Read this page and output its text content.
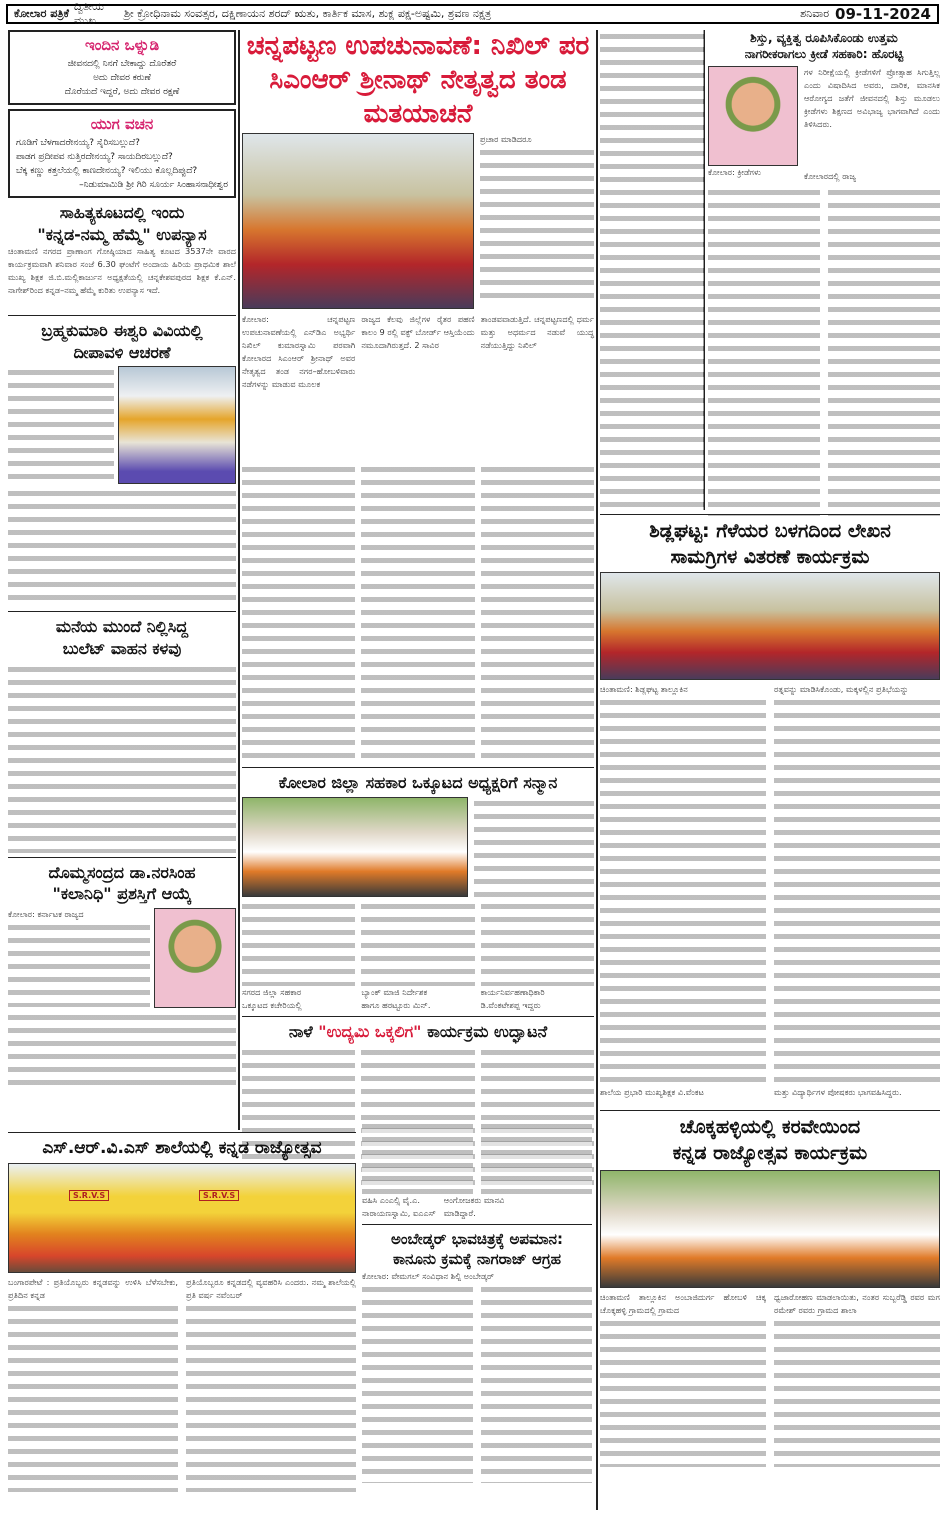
ಕೋಲಾರ ಪತ್ರಿಕೆ
ದ್ವಿತೀಯ ಮುಖ
ಶ್ರೀ ಕ್ರೋಧಿನಾಮ ಸಂವತ್ಸರ, ದಕ್ಷಿಣಾಯನ ಶರದ್ ಋತು, ಕಾರ್ತಿಕ ಮಾಸ, ಶುಕ್ಲ ಪಕ್ಷ-ಅಷ್ಟಮಿ, ಶ್ರವಣ ನಕ್ಷತ್ರ	ಶನಿವಾರ 09-11-2024
ಇಂದಿನ ಒಳ್ನುಡಿ
ಜೀವನದಲ್ಲಿ ನಿನಗೆ ಬೇಕಾದ್ದು ದೊರೆತರೆ
ಅದು ದೇವರ ಕರುಣೆ
ದೊರೆಯದೆ ಇದ್ದರೆ, ಅದು ದೇವರ ರಕ್ಷಣೆ
ಯುಗ ವಚನ
ಗೂಡಿಗೆ ಬೆಳಗಾದರೇನಯ್ಯ? ಸೈರಿಸಬಲ್ಲುದೆ?
ಪಾಡಗ ಪ್ರದೀಪವ ನುತ್ತಿರದೇನಯ್ಯ? ಸಾಯದಿರಬಲ್ಲುದೆ?
ಬೆಕ್ಕ ಕಣ್ಣು ಕತ್ತಲೆಯಲ್ಲಿ ಕಾಣದೇನಯ್ಯ? ಇಲಿಯು ಕೊಲ್ಲದಿಪ್ಪುದೆ?
–ನಿಡುಮಾಮಿಡಿ ಶ್ರೀ ಗಿರಿ ಸೂರ್ಯ ಸಿಂಹಾಸನಾಧೀಶ್ವರ
ಸಾಹಿತ್ಯಕೂಟದಲ್ಲಿ ಇಂದು
"ಕನ್ನಡ-ನಮ್ಮ ಹೆಮ್ಮೆ" ಉಪನ್ಯಾಸ
ಚಿಂತಾಮಣಿ ನಗರದ ಪ್ರಾಣಾಂಗ ಗೋಷ್ಠಿಯಾದ ಸಾಹಿತ್ಯ ಕೂಟದ 3537ನೇ ವಾರದ ಕಾರ್ಯಕ್ರಮವಾಗಿ ಶನಿವಾರ ಸಂಜೆ 6.30 ಘಂಟೆಗೆ ಅಂದಾಯ ಹಿರಿಯ ಪ್ರಾಥಮಿಕ ಶಾಲೆ ಮುಖ್ಯ ಶಿಕ್ಷಕ ಜಿ.ಬಿ.ಮಲ್ಲಿಕಾರ್ಜುನ ಅಧ್ಯಕ್ಷತೆಯಲ್ಲಿ ಚನ್ನಕೇಶವಪುರದ ಶಿಕ್ಷಕ ಕೆ.ಎನ್. ನಾಗೇಶ್‌ರಿಂದ ಕನ್ನಡ–ನಮ್ಮ ಹೆಮ್ಮೆ ಕುರಿತು ಉಪನ್ಯಾಸ ಇದೆ.
ಬ್ರಹ್ಮಕುಮಾರಿ ಈಶ್ವರಿ ವಿವಿಯಲ್ಲಿ
ದೀಪಾವಳಿ ಆಚರಣೆ
ಮನೆಯ ಮುಂದೆ ನಿಲ್ಲಿಸಿದ್ದ
ಬುಲೆಟ್ ವಾಹನ ಕಳವು
ದೊಮ್ಮಸಂದ್ರದ ಡಾ.ನರಸಿಂಹ
"ಕಲಾನಿಧಿ" ಪ್ರಶಸ್ತಿಗೆ ಆಯ್ಕೆ
ಕೋಲಾರ: ಕರ್ನಾಟಕ ರಾಜ್ಯದ
ಚನ್ನಪಟ್ಟಣ ಉಪಚುನಾವಣೆ: ನಿಖಿಲ್ ಪರ
ಸಿಎಂಆರ್ ಶ್ರೀನಾಥ್ ನೇತೃತ್ವದ ತಂಡ ಮತಯಾಚನೆ
ಪ್ರಚಾರ ಮಾಡಿದರೂ
ಕೋಲಾರ: ಚನ್ನಪಟ್ಟಣ ಉಪಚುನಾವಣೆಯಲ್ಲಿ ಎನ್‌ಡಿಎ ಅಭ್ಯರ್ಥಿ ನಿಖಿಲ್ ಕುಮಾರಸ್ವಾಮಿ ಪರವಾಗಿ ಕೋಲಾರದ ಸಿಎಂಆರ್ ಶ್ರೀನಾಥ್ ಅವರ ನೇತೃತ್ವದ ತಂಡ ನಗರ–ಹೋಬಳಿವಾರು ನಡೆಗಳನ್ನು ಮಾಡುವ ಮೂಲಕ
ರಾಜ್ಯದ ಕೆಲವು ಜಿಲ್ಲೆಗಳ ರೈತರ ಪಹಣಿ ಕಾಲಂ 9 ರಲ್ಲಿ ವಕ್ಫ್ ಬೋರ್ಡ್ ಆಸ್ತಿಯೆಂದು ನಮೂದಾಗಿರುತ್ತದೆ. 2 ಸಾವಿರ
ತಾಂಡವವಾಡುತ್ತಿದೆ. ಚನ್ನಪಟ್ಟಣದಲ್ಲಿ ಧರ್ಮ ಮತ್ತು ಅಧರ್ಮದ ನಡುವೆ ಯುದ್ಧ ನಡೆಯುತ್ತಿದ್ದು ನಿಖಿಲ್
ಕೋಲಾರ ಜಿಲ್ಲಾ ಸಹಕಾರ ಒಕ್ಕೂಟದ ಅಧ್ಯಕ್ಷರಿಗೆ ಸನ್ಮಾನ
ಸಗರದ ಜಿಲ್ಲಾ ಸಹಕಾರ
ಒಕ್ಕೂಟದ ಕಚೇರಿಯಲ್ಲಿ
ಬ್ಯಾಂಕ್ ಮಾಜಿ ನಿರ್ದೇಶಕ
ಹಾಗೂ ಹರಟ್ಟೂರು ಮಿನ್.
ಕಾರ್ಯನಿರ್ವಹಣಾಧಿಕಾರಿ
ಡಿ.ವೆಂಕಟೇಶಪ್ಪ ಇದ್ದರು
ನಾಳೆ "ಉದ್ಯಮಿ ಒಕ್ಕಲಿಗ" ಕಾರ್ಯಕ್ರಮ ಉದ್ಘಾಟನೆ
ವಹಿಸಿ ಎಂಎಲ್ಸಿ ವೈ.ಎ.
ನಾರಾಯಣಸ್ವಾಮಿ, ಐಎಎಸ್
ಆಂಗೋಜಕರು ಮಾನವಿ
ಮಾಡಿದ್ದಾರೆ.
ಅಂಬೇಡ್ಕರ್ ಭಾವಚಿತ್ರಕ್ಕೆ ಅಪಮಾನ:
ಕಾನೂನು ಕ್ರಮಕ್ಕೆ ನಾಗರಾಜ್ ಆಗ್ರಹ
ಕೋಲಾರ: ವೇಮಗಲ್ ಸಂವಿಧಾನ ಶಿಲ್ಪಿ ಅಂಬೇಡ್ಕರ್
ಎಸ್.ಆರ್.ವಿ.ಎಸ್ ಶಾಲೆಯಲ್ಲಿ ಕನ್ನಡ ರಾಜ್ಯೋತ್ಸವ
S.R.V.S	S.R.V.S
ಬಂಗಾರಪೇಟೆ : ಪ್ರತಿಯೊಬ್ಬರು ಕನ್ನಡವನ್ನು ಉಳಿಸಿ ಬೆಳೆಸಬೇಕು, ಪ್ರತಿದಿನ ಕನ್ನಡ
ಪ್ರತಿಯೊಬ್ಬರೂ ಕನ್ನಡದಲ್ಲಿ ವ್ಯವಹರಿಸಿ ಎಂದರು. ನಮ್ಮ ಶಾಲೆಯಲ್ಲಿ ಪ್ರತಿ ವರ್ಷ ನವೆಂಬರ್
ಶಿಸ್ತು, ವ್ಯಕ್ತಿತ್ವ ರೂಪಿಸಿಕೊಂಡು ಉತ್ತಮ
ನಾಗರೀಕರಾಗಲು ಕ್ರೀಡೆ ಸಹಕಾರಿ: ಹೊರಟ್ಟಿ
ಕೋಲಾರ: ಕ್ರೀಡೆಗಳು
ಗಳ ನಿರೀಕ್ಷೆಯಲ್ಲಿ ಕ್ರೀಡೆಗಳಿಗೆ ಪ್ರೋತ್ಸಾಹ ಸಿಗುತ್ತಿಲ್ಲ ಎಂದು ವಿಷಾದಿಸಿದ ಅವರು, ದಾರಿಕ, ಮಾನಸಿಕ ಆರೋಗ್ಯದ ಜತೆಗೆ ಜೀವನದಲ್ಲಿ ಶಿಸ್ತು ಮೂಡಲು ಕ್ರೀಡೆಗಳು ಶಿಕ್ಷಣದ ಅವಿಭಾಜ್ಯ ಭಾಗವಾಗಿದೆ ಎಂದು ತಿಳಿಸಿದರು.
ಕೋಲಾರದಲ್ಲಿ ರಾಜ್ಯ
ಶಿಡ್ಲಘಟ್ಟ: ಗೆಳೆಯರ ಬಳಗದಿಂದ ಲೇಖನ
ಸಾಮಗ್ರಿಗಳ ವಿತರಣೆ ಕಾರ್ಯಕ್ರಮ
ಚಿಂತಾಮಣಿ: ಶಿಡ್ಲಘಟ್ಟ ತಾಲ್ಲೂಕಿನ	ರತ್ನವನ್ನು ಮಾಡಿಸಿಕೊಂಡು, ಮಕ್ಕಳಲ್ಲಿನ ಪ್ರತಿಭೆಯನ್ನು
ಶಾಲೆಯ ಪ್ರಭಾರಿ ಮುಖ್ಯಶಿಕ್ಷಕ ವಿ.ವೆಂಕಟ	ಮತ್ತು ವಿದ್ಯಾರ್ಥಿಗಳ ಪೋಷಕರು ಭಾಗವಹಿಸಿದ್ದರು.
ಚೊಕ್ಕಹಳ್ಳಿಯಲ್ಲಿ ಕರವೇಯಿಂದ
ಕನ್ನಡ ರಾಜ್ಯೋತ್ಸವ ಕಾರ್ಯಕ್ರಮ
ಚಿಂತಾಮಣಿ ತಾಲ್ಲೂಕಿನ ಅಂಬಾಜಿದುರ್ಗ ಹೋಬಳಿ ಚಿಕ್ಕ ಚೊಕ್ಕಹಳ್ಳಿ ಗ್ರಾಮದಲ್ಲಿ ಗ್ರಾಮದ
ಧ್ವಜಾರೋಹಣ ಮಾಡಲಾಯಿತು, ನಂತರ ಸುಬ್ಬರೆಡ್ಡಿ ರವರ ಮಗ ರಮೇಶ್ ರವರು ಗ್ರಾಮದ ಶಾಲಾ
